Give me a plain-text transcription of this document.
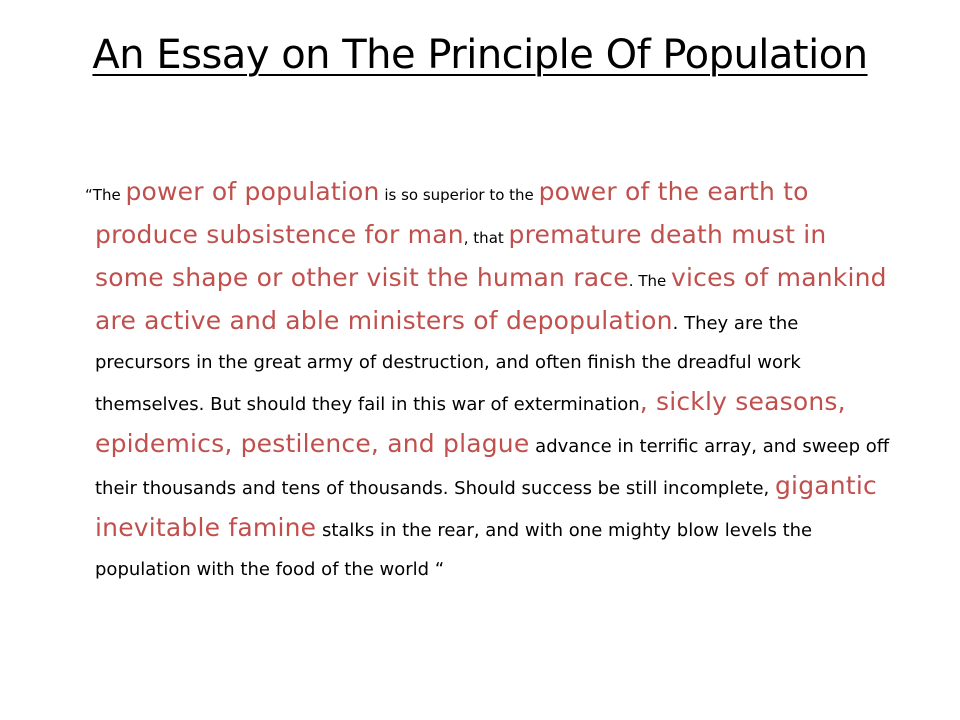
An Essay on The Principle Of Population
“The power of population is so superior to the power of the earth to produce subsistence for man, that premature death must in some shape or other visit the human race. The vices of mankind are active and able ministers of depopulation. They are the precursors in the great army of destruction, and often finish the dreadful work themselves. But should they fail in this war of extermination, sickly seasons, epidemics, pestilence, and plague advance in terrific array, and sweep off their thousands and tens of thousands. Should success be still incomplete, gigantic inevitable famine stalks in the rear, and with one mighty blow levels the population with the food of the world “
